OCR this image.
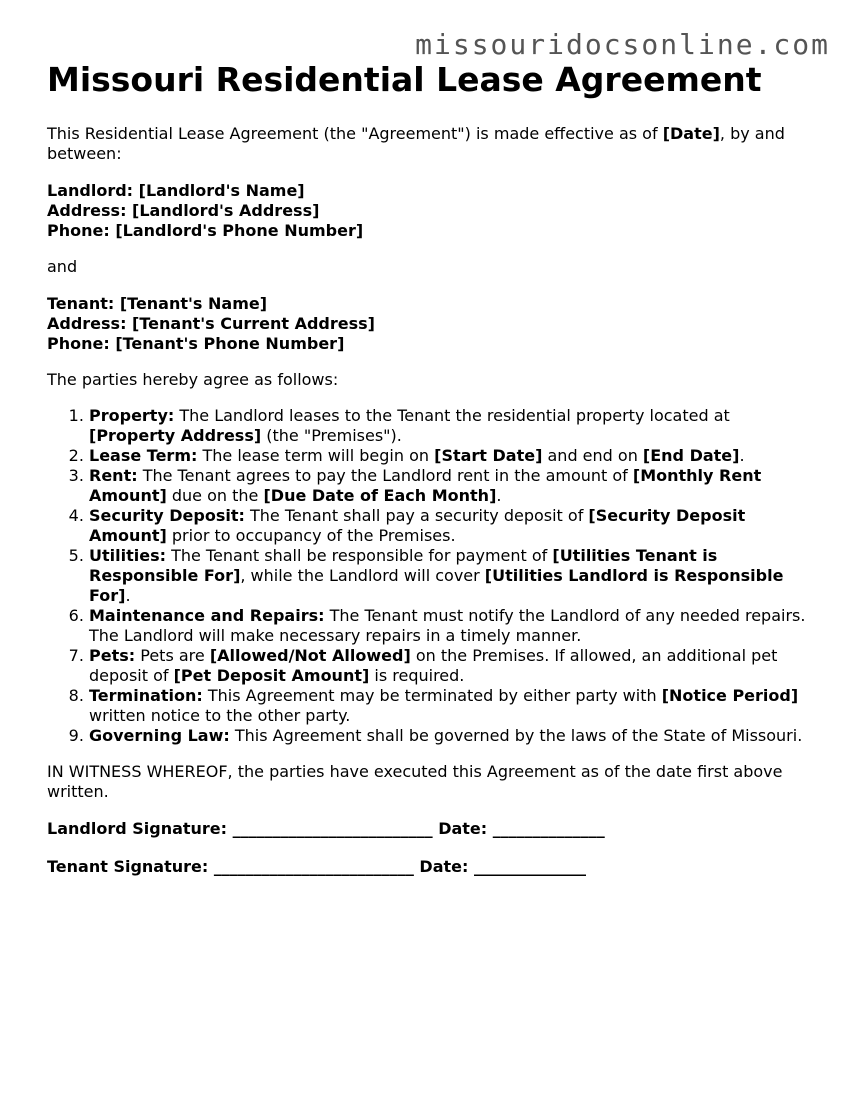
missouridocsonline.com
Missouri Residential Lease Agreement

This Residential Lease Agreement (the "Agreement") is made effective as of [Date], by and between:

Landlord: [Landlord's Name]
Address: [Landlord's Address]
Phone: [Landlord's Phone Number]

and

Tenant: [Tenant's Name]
Address: [Tenant's Current Address]
Phone: [Tenant's Phone Number]

The parties hereby agree as follows:

1. Property: The Landlord leases to the Tenant the residential property located at [Property Address] (the "Premises").
2. Lease Term: The lease term will begin on [Start Date] and end on [End Date].
3. Rent: The Tenant agrees to pay the Landlord rent in the amount of [Monthly Rent Amount] due on the [Due Date of Each Month].
4. Security Deposit: The Tenant shall pay a security deposit of [Security Deposit Amount] prior to occupancy of the Premises.
5. Utilities: The Tenant shall be responsible for payment of [Utilities Tenant is Responsible For], while the Landlord will cover [Utilities Landlord is Responsible For].
6. Maintenance and Repairs: The Tenant must notify the Landlord of any needed repairs. The Landlord will make necessary repairs in a timely manner.
7. Pets: Pets are [Allowed/Not Allowed] on the Premises. If allowed, an additional pet deposit of [Pet Deposit Amount] is required.
8. Termination: This Agreement may be terminated by either party with [Notice Period] written notice to the other party.
9. Governing Law: This Agreement shall be governed by the laws of the State of Missouri.

IN WITNESS WHEREOF, the parties have executed this Agreement as of the date first above written.

Landlord Signature: _________________________ Date: ______________
Tenant Signature: _________________________ Date: ______________
